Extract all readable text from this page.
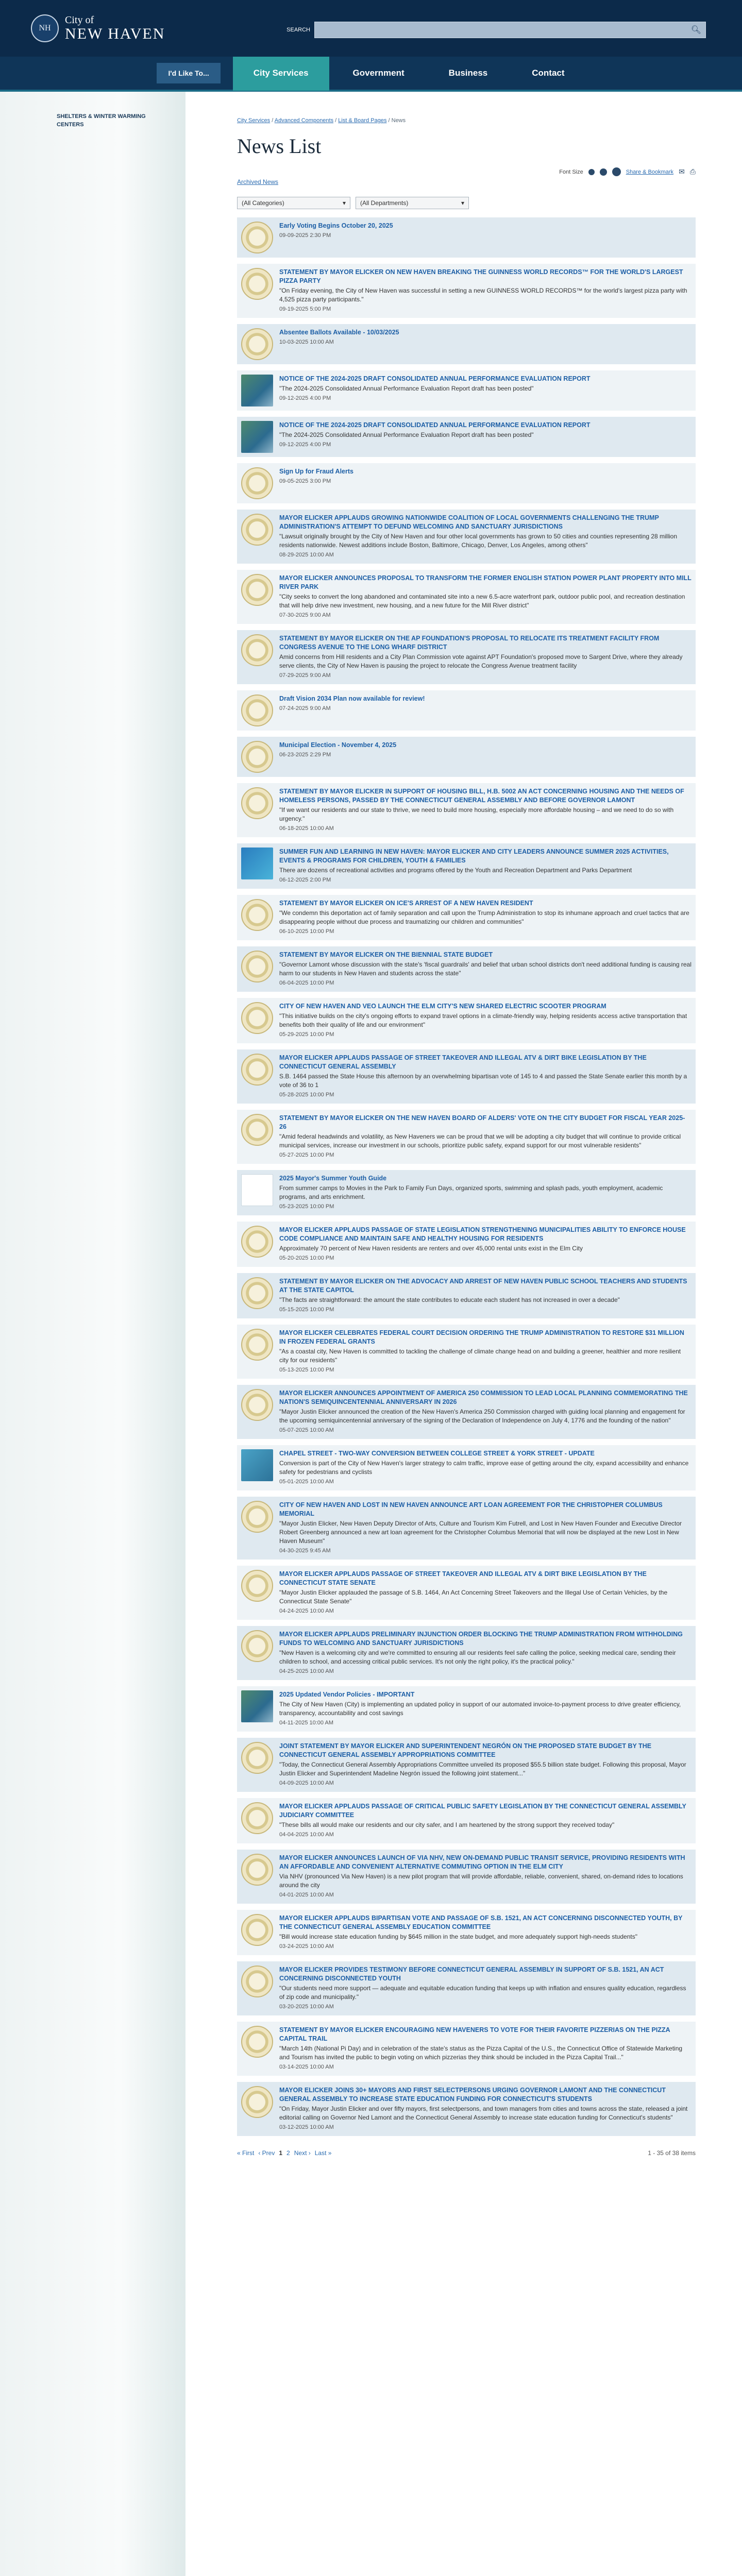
NH
City of
NEW HAVEN	SEARCH	🔍︎
I'd Like To...	City Services	Government	Business	Contact
SHELTERS & WINTER WARMING CENTERS
City Services / Advanced Components / List & Board Pages / News
News List
Font Size	Share & Bookmark ✉ ⎙
Archived News
(All Categories)	▾ (All Departments)	▾
Early Voting Begins October 20, 2025
09-09-2025 2:30 PM
STATEMENT BY MAYOR ELICKER ON NEW HAVEN BREAKING THE GUINNESS WORLD RECORDS™ FOR THE WORLD'S LARGEST PIZZA PARTY
"On Friday evening, the City of New Haven was successful in setting a new GUINNESS WORLD RECORDS™ for the world's largest pizza party with 4,525 pizza party participants."
09-19-2025 5:00 PM
Absentee Ballots Available - 10/03/2025
10-03-2025 10:00 AM
NOTICE OF THE 2024-2025 DRAFT CONSOLIDATED ANNUAL PERFORMANCE EVALUATION REPORT
"The 2024-2025 Consolidated Annual Performance Evaluation Report draft has been posted"
09-12-2025 4:00 PM
NOTICE OF THE 2024-2025 DRAFT CONSOLIDATED ANNUAL PERFORMANCE EVALUATION REPORT
"The 2024-2025 Consolidated Annual Performance Evaluation Report draft has been posted"
09-12-2025 4:00 PM
Sign Up for Fraud Alerts
09-05-2025 3:00 PM
MAYOR ELICKER APPLAUDS GROWING NATIONWIDE COALITION OF LOCAL GOVERNMENTS CHALLENGING THE TRUMP ADMINISTRATION'S ATTEMPT TO DEFUND WELCOMING AND SANCTUARY JURISDICTIONS
"Lawsuit originally brought by the City of New Haven and four other local governments has grown to 50 cities and counties representing 28 million residents nationwide. Newest additions include Boston, Baltimore, Chicago, Denver, Los Angeles, among others"
08-29-2025 10:00 AM
MAYOR ELICKER ANNOUNCES PROPOSAL TO TRANSFORM THE FORMER ENGLISH STATION POWER PLANT PROPERTY INTO MILL RIVER PARK
"City seeks to convert the long abandoned and contaminated site into a new 6.5-acre waterfront park, outdoor public pool, and recreation destination that will help drive new investment, new housing, and a new future for the Mill River district"
07-30-2025 9:00 AM
STATEMENT BY MAYOR ELICKER ON THE AP FOUNDATION'S PROPOSAL TO RELOCATE ITS TREATMENT FACILITY FROM CONGRESS AVENUE TO THE LONG WHARF DISTRICT
Amid concerns from Hill residents and a City Plan Commission vote against APT Foundation's proposed move to Sargent Drive, where they already serve clients, the City of New Haven is pausing the project to relocate the Congress Avenue treatment facility
07-29-2025 9:00 AM
Draft Vision 2034 Plan now available for review!
07-24-2025 9:00 AM
Municipal Election - November 4, 2025
06-23-2025 2:29 PM
STATEMENT BY MAYOR ELICKER IN SUPPORT OF HOUSING BILL, H.B. 5002 AN ACT CONCERNING HOUSING AND THE NEEDS OF HOMELESS PERSONS, PASSED BY THE CONNECTICUT GENERAL ASSEMBLY AND BEFORE GOVERNOR LAMONT
"If we want our residents and our state to thrive, we need to build more housing, especially more affordable housing – and we need to do so with urgency."
06-18-2025 10:00 AM
SUMMER FUN AND LEARNING IN NEW HAVEN: MAYOR ELICKER AND CITY LEADERS ANNOUNCE SUMMER 2025 ACTIVITIES, EVENTS & PROGRAMS FOR CHILDREN, YOUTH & FAMILIES
There are dozens of recreational activities and programs offered by the Youth and Recreation Department and Parks Department
06-12-2025 2:00 PM
STATEMENT BY MAYOR ELICKER ON ICE'S ARREST OF A NEW HAVEN RESIDENT
"We condemn this deportation act of family separation and call upon the Trump Administration to stop its inhumane approach and cruel tactics that are disappearing people without due process and traumatizing our children and communities"
06-10-2025 10:00 PM
STATEMENT BY MAYOR ELICKER ON THE BIENNIAL STATE BUDGET
"Governor Lamont whose discussion with the state's 'fiscal guardrails' and belief that urban school districts don't need additional funding is causing real harm to our students in New Haven and students across the state"
06-04-2025 10:00 PM
CITY OF NEW HAVEN AND VEO LAUNCH THE ELM CITY'S NEW SHARED ELECTRIC SCOOTER PROGRAM
"This initiative builds on the city's ongoing efforts to expand travel options in a climate-friendly way, helping residents access active transportation that benefits both their quality of life and our environment"
05-29-2025 10:00 PM
MAYOR ELICKER APPLAUDS PASSAGE OF STREET TAKEOVER AND ILLEGAL ATV & DIRT BIKE LEGISLATION BY THE CONNECTICUT GENERAL ASSEMBLY
S.B. 1464 passed the State House this afternoon by an overwhelming bipartisan vote of 145 to 4 and passed the State Senate earlier this month by a vote of 36 to 1
05-28-2025 10:00 PM
STATEMENT BY MAYOR ELICKER ON THE NEW HAVEN BOARD OF ALDERS' VOTE ON THE CITY BUDGET FOR FISCAL YEAR 2025-26
"Amid federal headwinds and volatility, as New Haveners we can be proud that we will be adopting a city budget that will continue to provide critical municipal services, increase our investment in our schools, prioritize public safety, expand support for our most vulnerable residents"
05-27-2025 10:00 PM
2025 Mayor's Summer Youth Guide
From summer camps to Movies in the Park to Family Fun Days, organized sports, swimming and splash pads, youth employment, academic programs, and arts enrichment.
05-23-2025 10:00 PM
MAYOR ELICKER APPLAUDS PASSAGE OF STATE LEGISLATION STRENGTHENING MUNICIPALITIES ABILITY TO ENFORCE HOUSE CODE COMPLIANCE AND MAINTAIN SAFE AND HEALTHY HOUSING FOR RESIDENTS
Approximately 70 percent of New Haven residents are renters and over 45,000 rental units exist in the Elm City
05-20-2025 10:00 PM
STATEMENT BY MAYOR ELICKER ON THE ADVOCACY AND ARREST OF NEW HAVEN PUBLIC SCHOOL TEACHERS AND STUDENTS AT THE STATE CAPITOL
"The facts are straightforward: the amount the state contributes to educate each student has not increased in over a decade"
05-15-2025 10:00 PM
MAYOR ELICKER CELEBRATES FEDERAL COURT DECISION ORDERING THE TRUMP ADMINISTRATION TO RESTORE $31 MILLION IN FROZEN FEDERAL GRANTS
"As a coastal city, New Haven is committed to tackling the challenge of climate change head on and building a greener, healthier and more resilient city for our residents"
05-13-2025 10:00 PM
MAYOR ELICKER ANNOUNCES APPOINTMENT OF AMERICA 250 COMMISSION TO LEAD LOCAL PLANNING COMMEMORATING THE NATION'S SEMIQUINCENTENNIAL ANNIVERSARY IN 2026
"Mayor Justin Elicker announced the creation of the New Haven's America 250 Commission charged with guiding local planning and engagement for the upcoming semiquincentennial anniversary of the signing of the Declaration of Independence on July 4, 1776 and the founding of the nation"
05-07-2025 10:00 AM
CHAPEL STREET - TWO-WAY CONVERSION BETWEEN COLLEGE STREET & YORK STREET - UPDATE
Conversion is part of the City of New Haven's larger strategy to calm traffic, improve ease of getting around the city, expand accessibility and enhance safety for pedestrians and cyclists
05-01-2025 10:00 AM
CITY OF NEW HAVEN AND LOST IN NEW HAVEN ANNOUNCE ART LOAN AGREEMENT FOR THE CHRISTOPHER COLUMBUS MEMORIAL
"Mayor Justin Elicker, New Haven Deputy Director of Arts, Culture and Tourism Kim Futrell, and Lost in New Haven Founder and Executive Director Robert Greenberg announced a new art loan agreement for the Christopher Columbus Memorial that will now be displayed at the new Lost in New Haven Museum"
04-30-2025 9:45 AM
MAYOR ELICKER APPLAUDS PASSAGE OF STREET TAKEOVER AND ILLEGAL ATV & DIRT BIKE LEGISLATION BY THE CONNECTICUT STATE SENATE
"Mayor Justin Elicker applauded the passage of S.B. 1464, An Act Concerning Street Takeovers and the Illegal Use of Certain Vehicles, by the Connecticut State Senate"
04-24-2025 10:00 AM
MAYOR ELICKER APPLAUDS PRELIMINARY INJUNCTION ORDER BLOCKING THE TRUMP ADMINISTRATION FROM WITHHOLDING FUNDS TO WELCOMING AND SANCTUARY JURISDICTIONS
"New Haven is a welcoming city and we're committed to ensuring all our residents feel safe calling the police, seeking medical care, sending their children to school, and accessing critical public services. It's not only the right policy, it's the practical policy."
04-25-2025 10:00 AM
2025 Updated Vendor Policies - IMPORTANT
The City of New Haven (City) is implementing an updated policy in support of our automated invoice-to-payment process to drive greater efficiency, transparency, accountability and cost savings
04-11-2025 10:00 AM
JOINT STATEMENT BY MAYOR ELICKER AND SUPERINTENDENT NEGRÓN ON THE PROPOSED STATE BUDGET BY THE CONNECTICUT GENERAL ASSEMBLY APPROPRIATIONS COMMITTEE
"Today, the Connecticut General Assembly Appropriations Committee unveiled its proposed $55.5 billion state budget. Following this proposal, Mayor Justin Elicker and Superintendent Madeline Negrón issued the following joint statement..."
04-09-2025 10:00 AM
MAYOR ELICKER APPLAUDS PASSAGE OF CRITICAL PUBLIC SAFETY LEGISLATION BY THE CONNECTICUT GENERAL ASSEMBLY JUDICIARY COMMITTEE
"These bills all would make our residents and our city safer, and I am heartened by the strong support they received today"
04-04-2025 10:00 AM
MAYOR ELICKER ANNOUNCES LAUNCH OF VIA NHV, NEW ON-DEMAND PUBLIC TRANSIT SERVICE, PROVIDING RESIDENTS WITH AN AFFORDABLE AND CONVENIENT ALTERNATIVE COMMUTING OPTION IN THE ELM CITY
Via NHV (pronounced Via New Haven) is a new pilot program that will provide affordable, reliable, convenient, shared, on-demand rides to locations around the city
04-01-2025 10:00 AM
MAYOR ELICKER APPLAUDS BIPARTISAN VOTE AND PASSAGE OF S.B. 1521, AN ACT CONCERNING DISCONNECTED YOUTH, BY THE CONNECTICUT GENERAL ASSEMBLY EDUCATION COMMITTEE
"Bill would increase state education funding by $645 million in the state budget, and more adequately support high-needs students"
03-24-2025 10:00 AM
MAYOR ELICKER PROVIDES TESTIMONY BEFORE CONNECTICUT GENERAL ASSEMBLY IN SUPPORT OF S.B. 1521, AN ACT CONCERNING DISCONNECTED YOUTH
"Our students need more support — adequate and equitable education funding that keeps up with inflation and ensures quality education, regardless of zip code and municipality."
03-20-2025 10:00 AM
STATEMENT BY MAYOR ELICKER ENCOURAGING NEW HAVENERS TO VOTE FOR THEIR FAVORITE PIZZERIAS ON THE PIZZA CAPITAL TRAIL
"March 14th (National Pi Day) and in celebration of the state's status as the Pizza Capital of the U.S., the Connecticut Office of Statewide Marketing and Tourism has invited the public to begin voting on which pizzerias they think should be included in the Pizza Capital Trail..."
03-14-2025 10:00 AM
MAYOR ELICKER JOINS 30+ MAYORS AND FIRST SELECTPERSONS URGING GOVERNOR LAMONT AND THE CONNECTICUT GENERAL ASSEMBLY TO INCREASE STATE EDUCATION FUNDING FOR CONNECTICUT'S STUDENTS
"On Friday, Mayor Justin Elicker and over fifty mayors, first selectpersons, and town managers from cities and towns across the state, released a joint editorial calling on Governor Ned Lamont and the Connecticut General Assembly to increase state education funding for Connecticut's students"
03-12-2025 10:00 AM
« First ‹ Prev 1 2 Next › Last »	1 - 35 of 38 items
